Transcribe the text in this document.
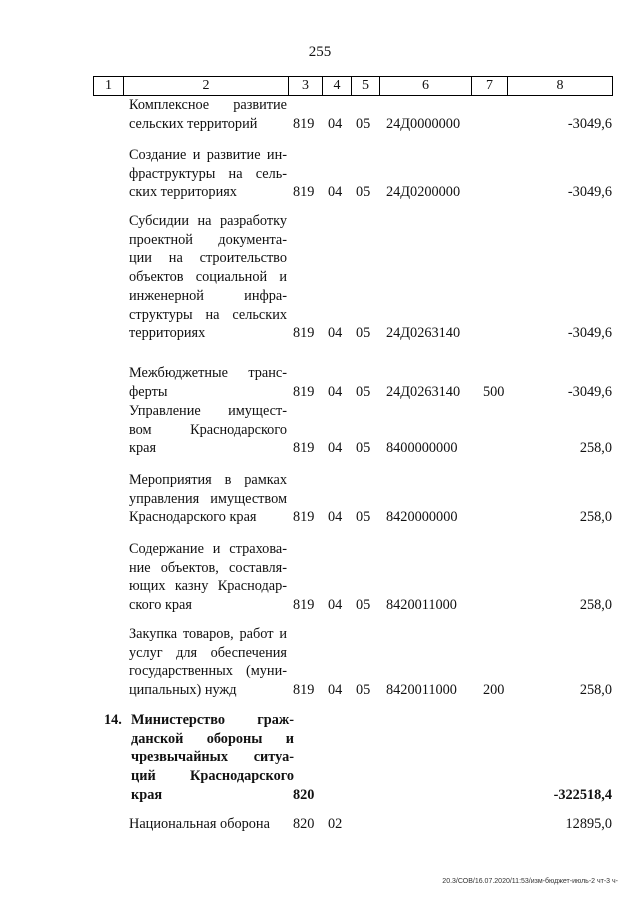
255
1	2	3	4	5	6	7	8
Комплексное развитие
сельских территорий	819 04 05 24Д0000000	-3049,6
Создание и развитие ин-
фраструктуры на сель-
ских территориях	819 04 05 24Д0200000	-3049,6
Субсидии на разработку
проектной документа-
ции на строительство
объектов социальной и
инженерной инфра-
структуры на сельских
территориях	819 04 05 24Д0263140	-3049,6
Межбюджетные транс-
ферты	819 04 05 24Д0263140 500	-3049,6
Управление имущест-
вом Краснодарского
края	819 04 05 8400000000	258,0
Мероприятия в рамках
управления имуществом
Краснодарского края	819 04 05 8420000000	258,0
Содержание и страхова-
ние объектов, составля-
ющих казну Краснодар-
ского края	819 04 05 8420011000	258,0
Закупка товаров, работ и
услуг для обеспечения
государственных (муни-
ципальных) нужд	819 04 05 8420011000 200	258,0
14. Министерство граж-
данской обороны и
чрезвычайных ситуа-
ций Краснодарского
края	820	-322518,4
Национальная оборона	820 02	12895,0
20.3/СОВ/16.07.2020/11:53/изм-бюджет-июль-2 чт-3 ч-
